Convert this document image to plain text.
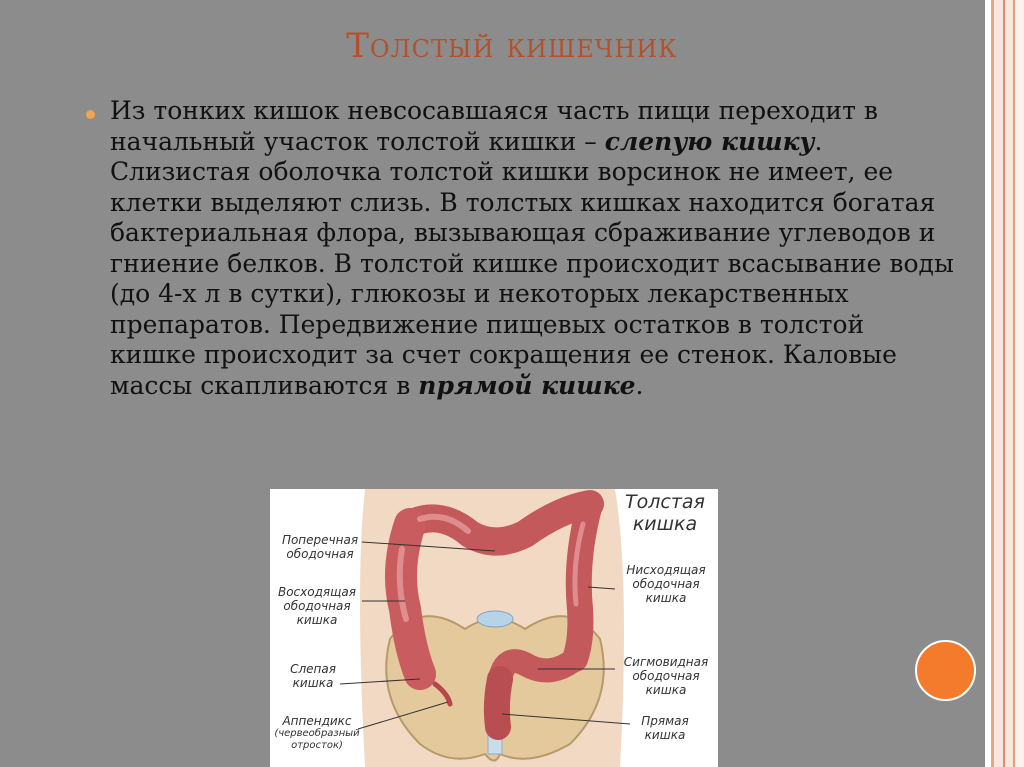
Толстый кишечник
Из тонких кишок невсосавшаяся часть пищи переходит в начальный участок толстой кишки – слепую кишку. Слизистая оболочка толстой кишки ворсинок не имеет, ее клетки выделяют слизь. В толстых кишках находится богатая бактериальная флора, вызывающая сбраживание углеводов и гниение белков. В толстой кишке происходит всасывание воды (до 4-х л в сутки), глюкозы и некоторых лекарственных препаратов. Передвижение пищевых остатков в толстой кишке происходит за счет сокращения ее стенок. Каловые массы скапливаются в прямой кишке.
Толстая
кишка
Поперечная
ободочная
Восходящая
ободочная
кишка
Слепая
кишка
Аппендикс
(червеобразный
отросток)
Нисходящая
ободочная
кишка
Сигмовидная
ободочная
кишка
Прямая
кишка
